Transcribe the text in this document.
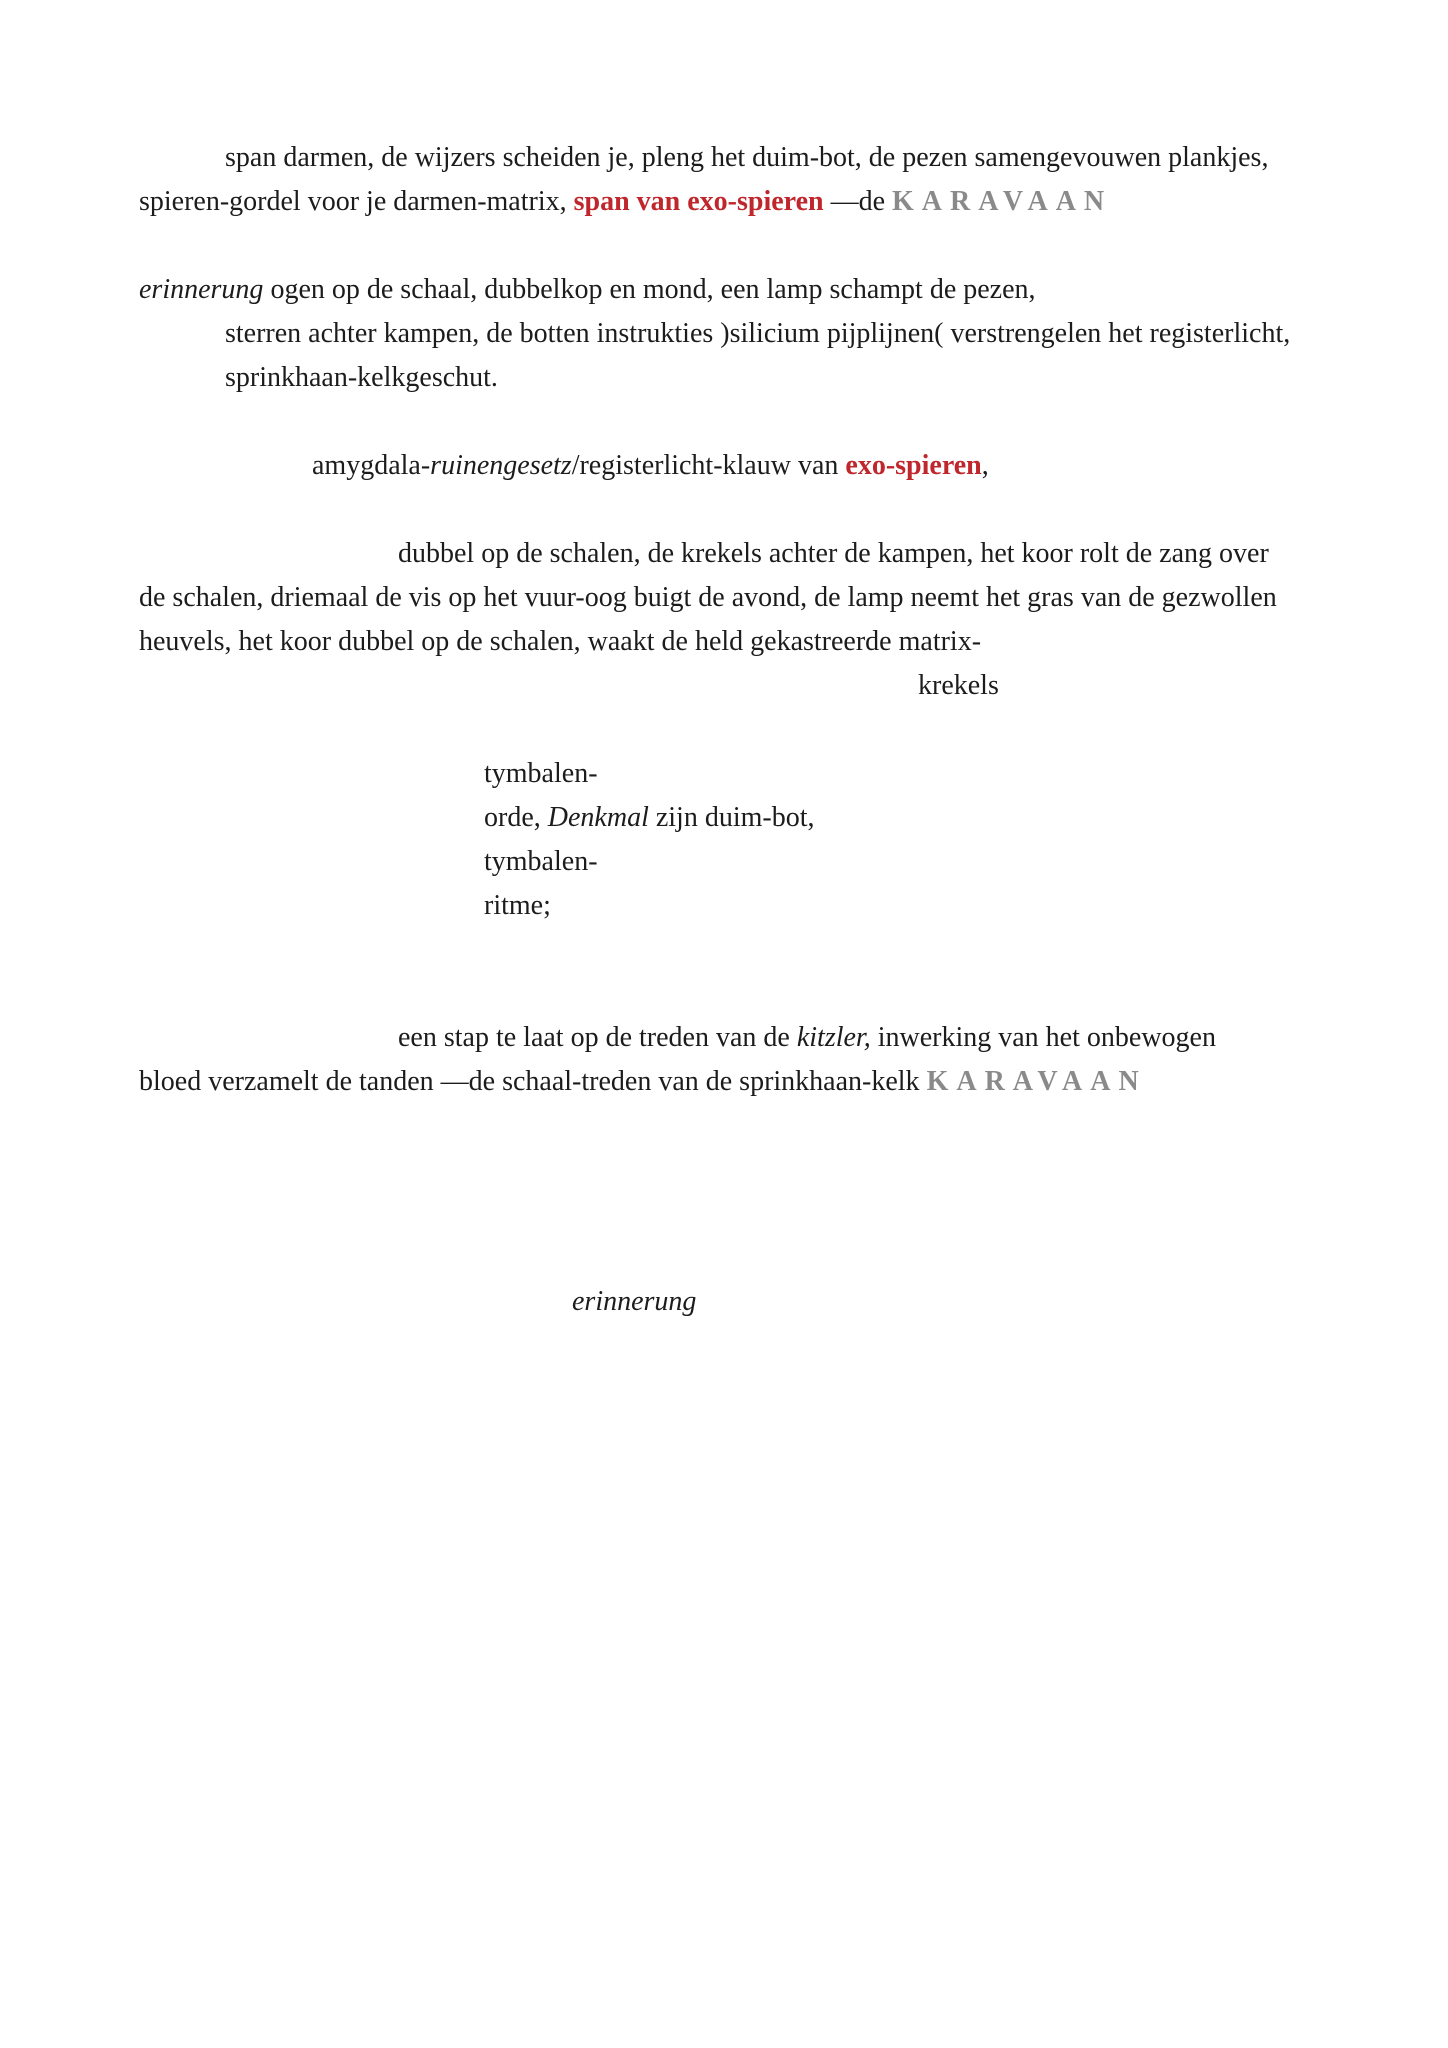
span darmen, de wijzers scheiden je, pleng het duim-bot, de pezen samengevouwen plankjes,
spieren-gordel voor je darmen-matrix, span van exo-spieren —de KARAVAAN
erinnerung ogen op de schaal, dubbelkop en mond, een lamp schampt de pezen,
sterren achter kampen, de botten instrukties )silicium pijplijnen( verstrengelen het registerlicht,
sprinkhaan-kelkgeschut.
amygdala-ruinengesetz/registerlicht-klauw van exo-spieren,
dubbel op de schalen, de krekels achter de kampen, het koor rolt de zang over
de schalen, driemaal de vis op het vuur-oog buigt de avond, de lamp neemt het gras van de gezwollen
heuvels, het koor dubbel op de schalen, waakt de held gekastreerde matrix-
krekels
tymbalen-
orde, Denkmal zijn duim-bot,
tymbalen-
ritme;
een stap te laat op de treden van de kitzler, inwerking van het onbewogen
bloed verzamelt de tanden —de schaal-treden van de sprinkhaan-kelk KARAVAAN
erinnerung
